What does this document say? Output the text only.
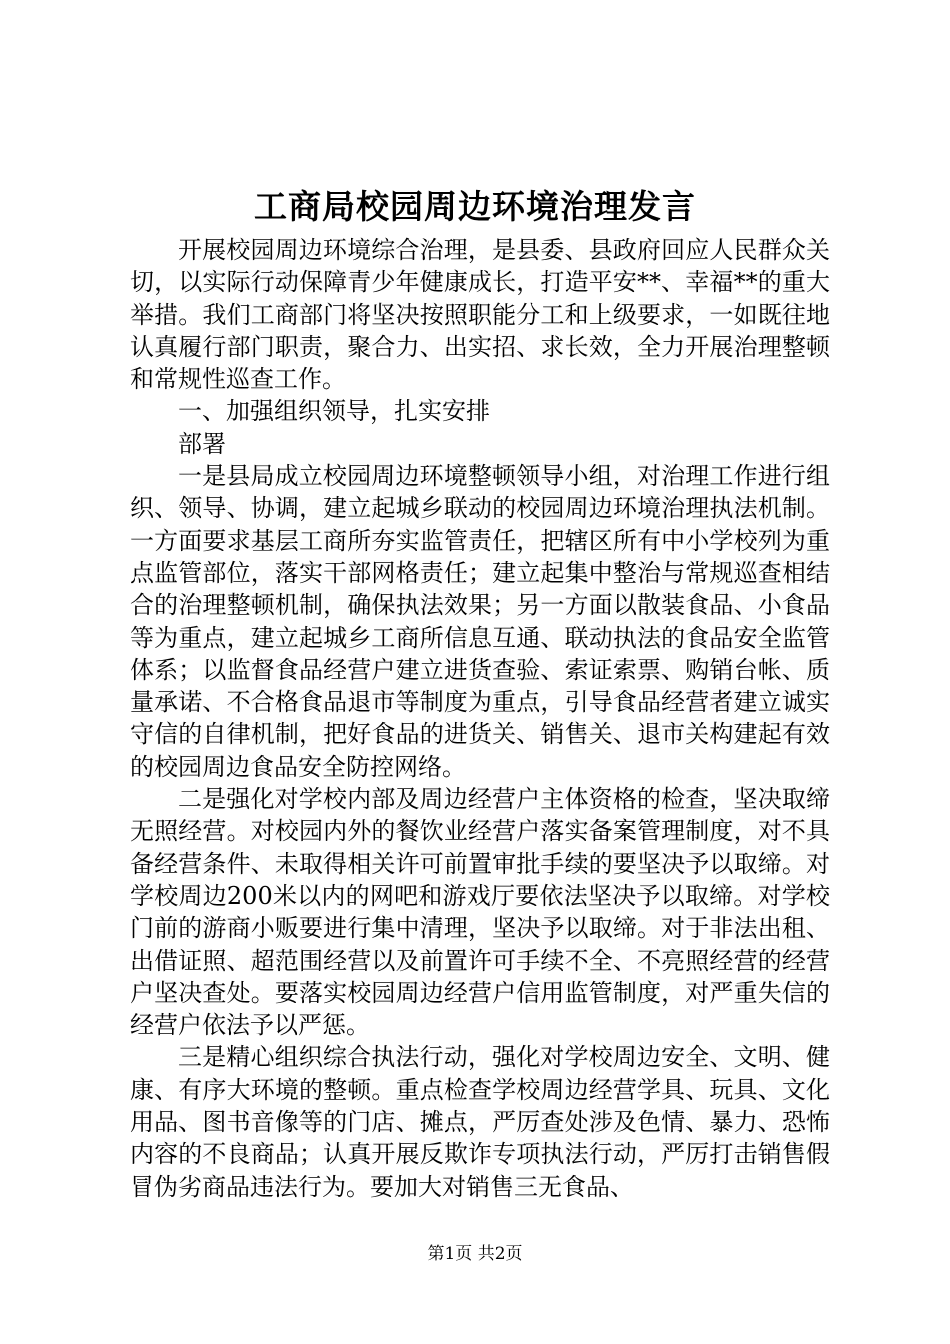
工商局校园周边环境治理发言

开展校园周边环境综合治理，是县委、县政府回应人民群众关切，以实际行动保障青少年健康成长，打造平安**、幸福**的重大举措。我们工商部门将坚决按照职能分工和上级要求，一如既往地认真履行部门职责，聚合力、出实招、求长效，全力开展治理整顿和常规性巡查工作。

一、加强组织领导，扎实安排

部署

一是县局成立校园周边环境整顿领导小组，对治理工作进行组织、领导、协调，建立起城乡联动的校园周边环境治理执法机制。一方面要求基层工商所夯实监管责任，把辖区所有中小学校列为重点监管部位，落实干部网格责任；建立起集中整治与常规巡查相结合的治理整顿机制，确保执法效果；另一方面以散装食品、小食品等为重点，建立起城乡工商所信息互通、联动执法的食品安全监管体系；以监督食品经营户建立进货查验、索证索票、购销台帐、质量承诺、不合格食品退市等制度为重点，引导食品经营者建立诚实守信的自律机制，把好食品的进货关、销售关、退市关构建起有效的校园周边食品安全防控网络。

二是强化对学校内部及周边经营户主体资格的检查，坚决取缔无照经营。对校园内外的餐饮业经营户落实备案管理制度，对不具备经营条件、未取得相关许可前置审批手续的要坚决予以取缔。对学校周边200米以内的网吧和游戏厅要依法坚决予以取缔。对学校门前的游商小贩要进行集中清理，坚决予以取缔。对于非法出租、出借证照、超范围经营以及前置许可手续不全、不亮照经营的经营户坚决查处。要落实校园周边经营户信用监管制度，对严重失信的经营户依法予以严惩。

三是精心组织综合执法行动，强化对学校周边安全、文明、健康、有序大环境的整顿。重点检查学校周边经营学具、玩具、文化用品、图书音像等的门店、摊点，严厉查处涉及色情、暴力、恐怖内容的不良商品；认真开展反欺诈专项执法行动，严厉打击销售假冒伪劣商品违法行为。要加大对销售三无食品、

第1页 共2页
